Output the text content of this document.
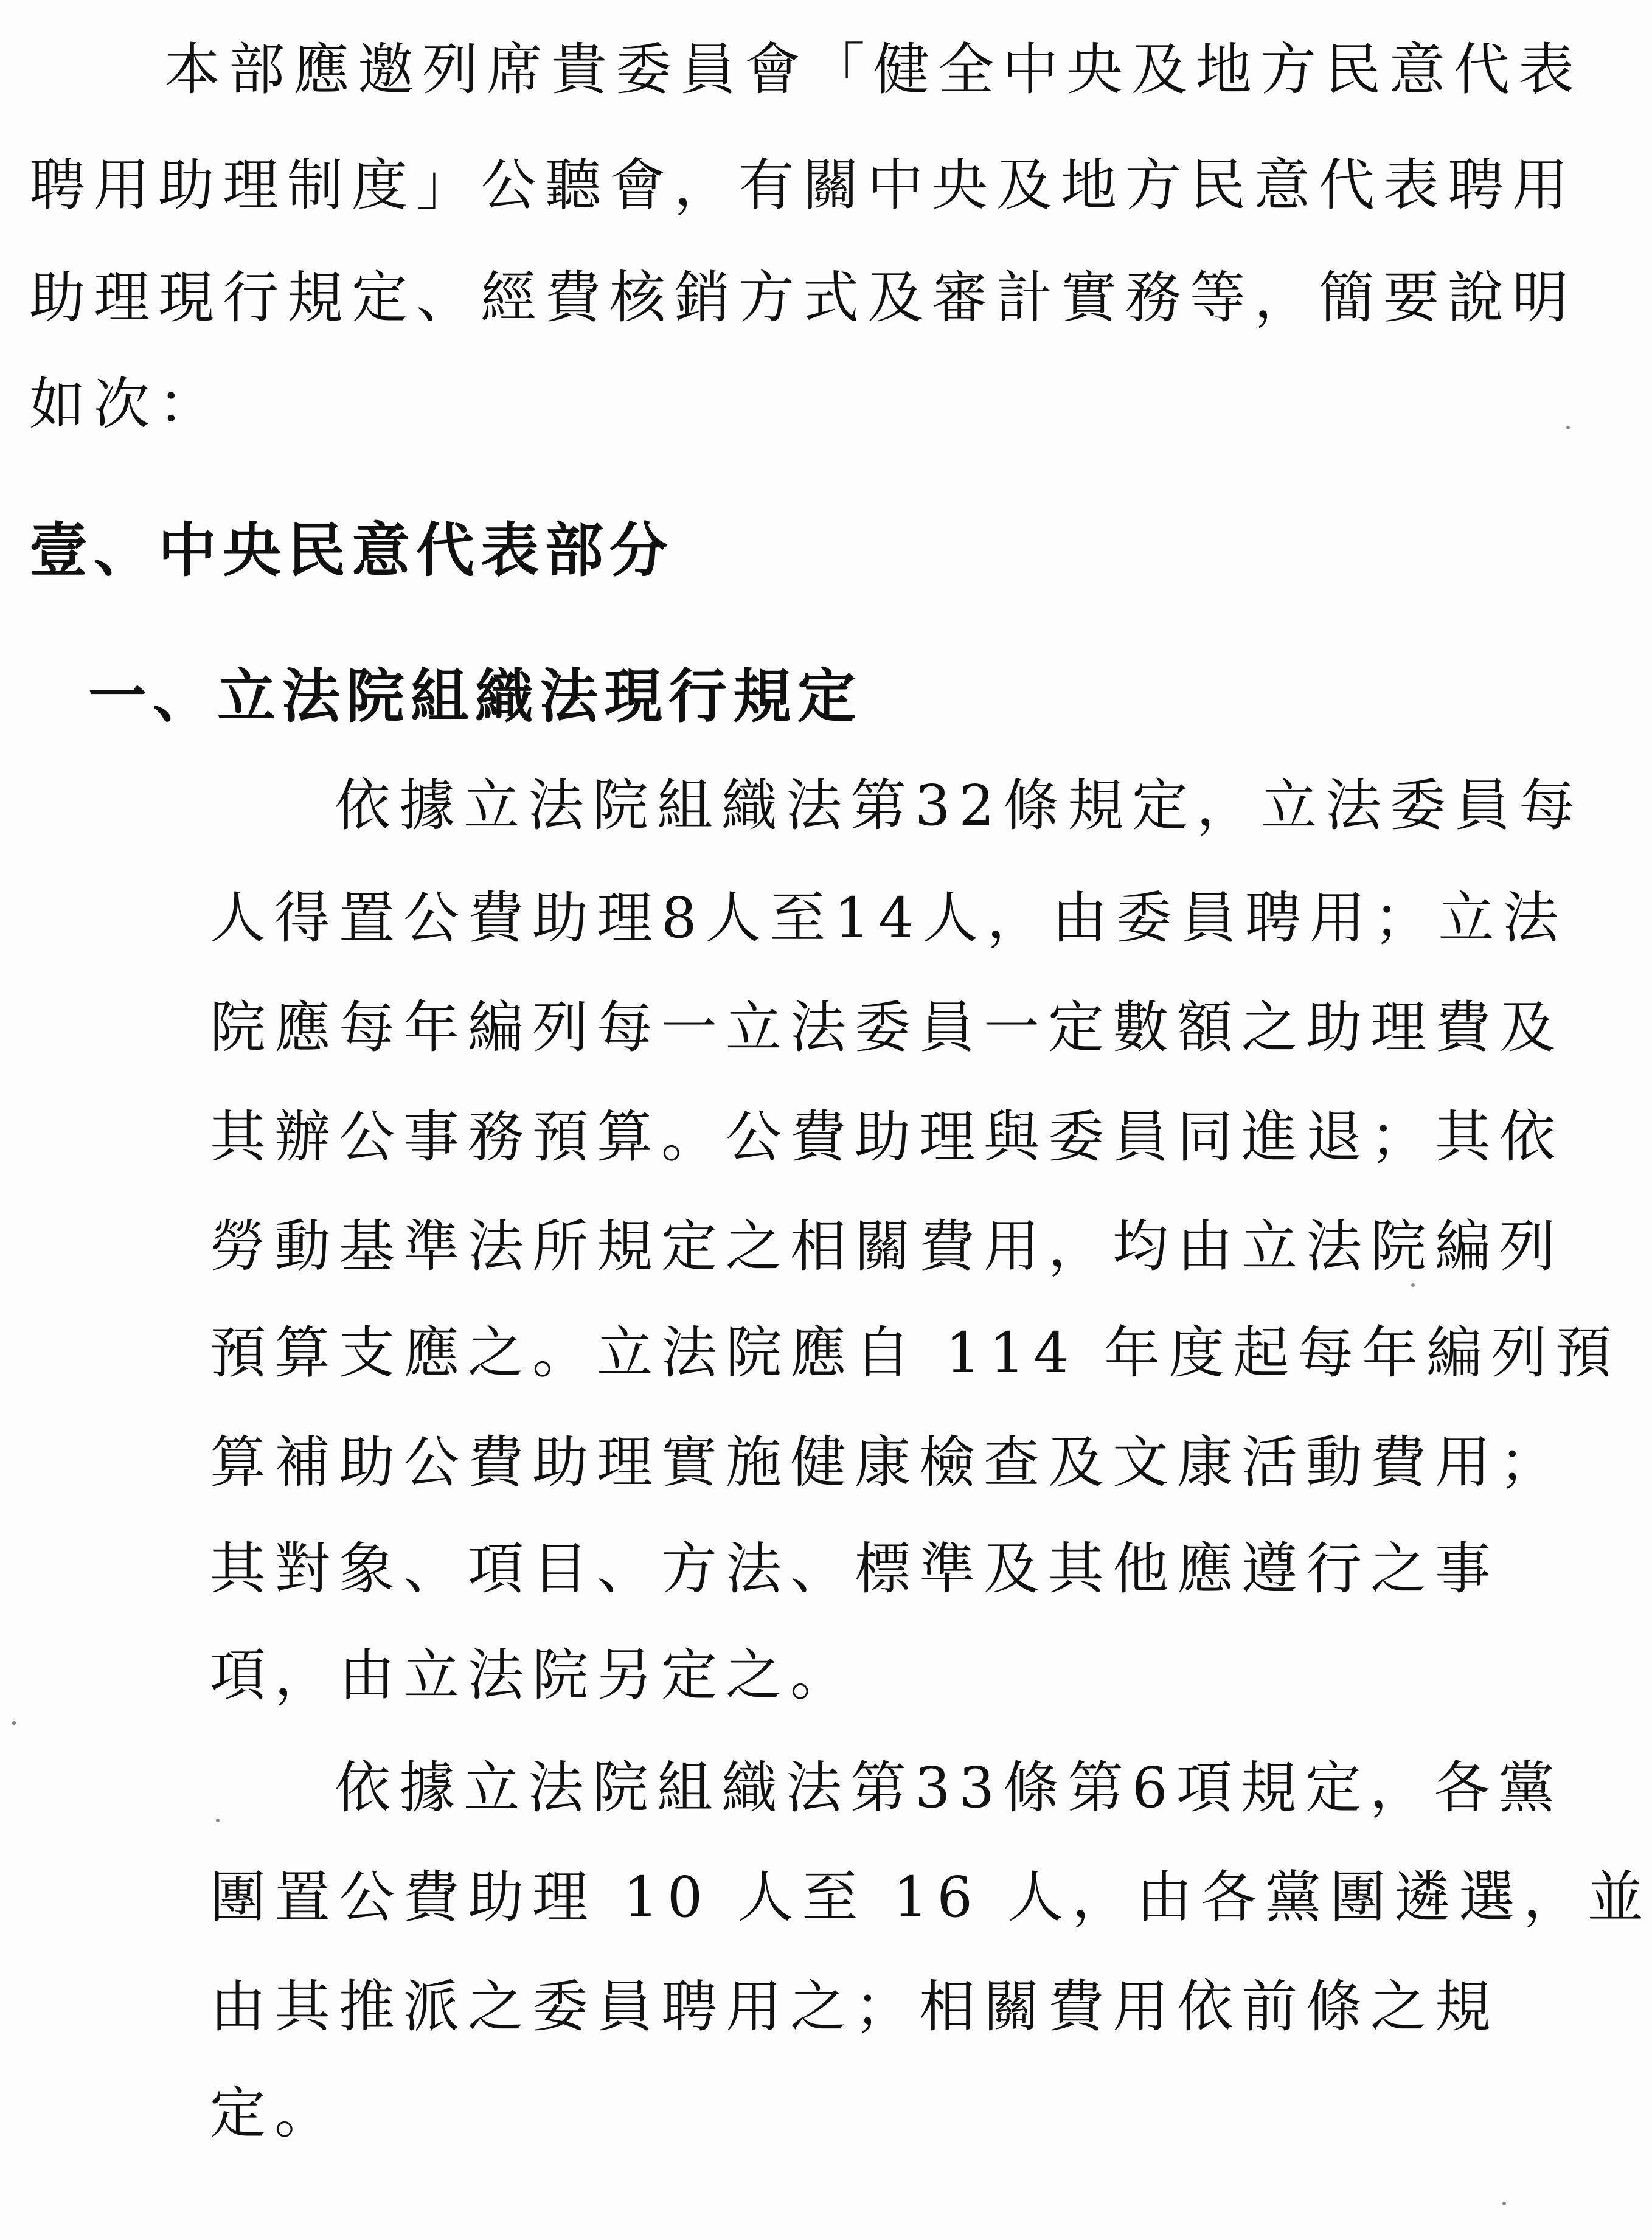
本部應邀列席貴委員會「健全中央及地方民意代表
聘用助理制度」公聽會，有關中央及地方民意代表聘用
助理現行規定、經費核銷方式及審計實務等，簡要說明
如次：
壹、中央民意代表部分
一、立法院組織法現行規定
依據立法院組織法第32條規定，立法委員每
人得置公費助理8人至14人，由委員聘用；立法
院應每年編列每一立法委員一定數額之助理費及
其辦公事務預算。公費助理與委員同進退；其依
勞動基準法所規定之相關費用，均由立法院編列
預算支應之。立法院應自 114 年度起每年編列預
算補助公費助理實施健康檢查及文康活動費用；
其對象、項目、方法、標準及其他應遵行之事
項，由立法院另定之。
依據立法院組織法第33條第6項規定，各黨
團置公費助理 10 人至 16 人，由各黨團遴選，並
由其推派之委員聘用之；相關費用依前條之規
定。
